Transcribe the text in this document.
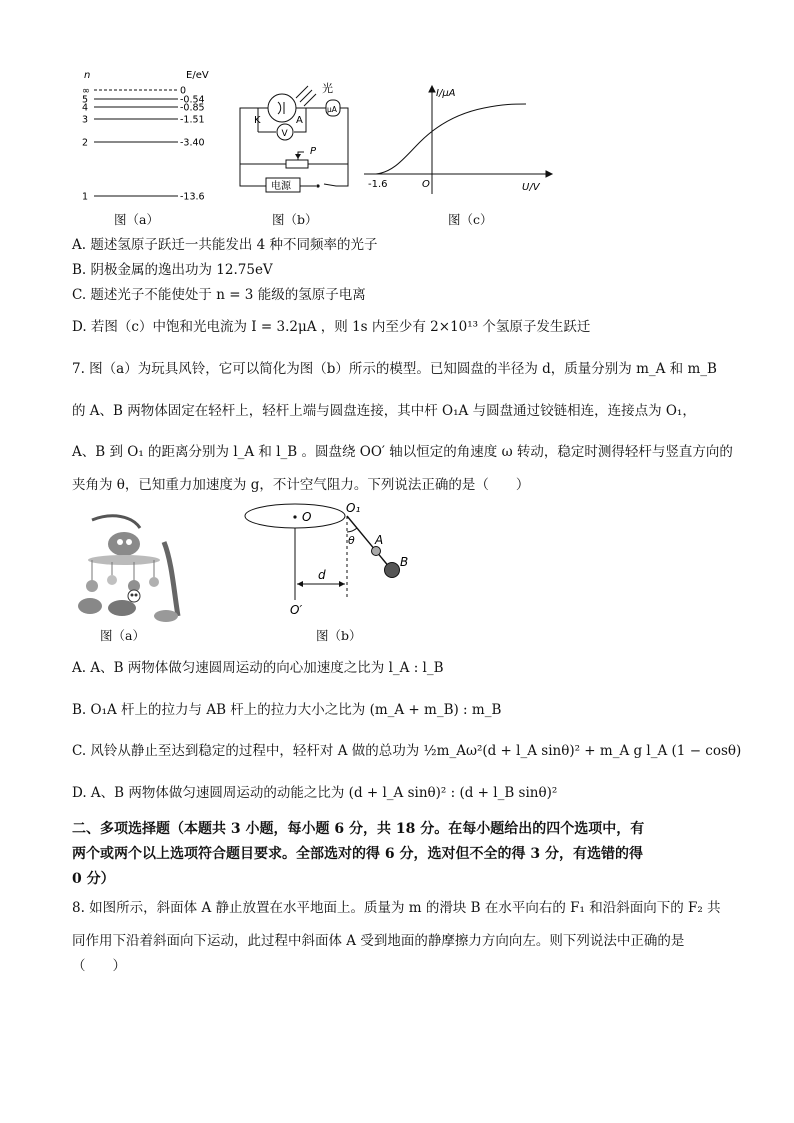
n	E/eV
∞	0
5	-0.54
4	-0.85
3	-1.51
2	-3.40
1	-13.6
图（a）
光
K	A
V
μA
P
电源
图（b）
I/μA
U/V
O
-1.6
图（c）
A. 题述氢原子跃迁一共能发出 4 种不同频率的光子
B. 阴极金属的逸出功为 12.75eV
C. 题述光子不能使处于 n = 3 能级的氢原子电离
D. 若图（c）中饱和光电流为 I = 3.2μA ，则 1s 内至少有 2×10¹³ 个氢原子发生跃迁
7. 图（a）为玩具风铃，它可以简化为图（b）所示的模型。已知圆盘的半径为 d，质量分别为 m_A 和 m_B
的 A、B 两物体固定在轻杆上，轻杆上端与圆盘连接，其中杆 O₁A 与圆盘通过铰链相连，连接点为 O₁，
A、B 到 O₁ 的距离分别为 l_A 和 l_B 。圆盘绕 OO′ 轴以恒定的角速度 ω 转动，稳定时测得轻杆与竖直方向的
夹角为 θ，已知重力加速度为 g，不计空气阻力。下列说法正确的是（　　）
图（a）
O
O′
O₁
θ A
B
d
图（b）
A. A、B 两物体做匀速圆周运动的向心加速度之比为 l_A : l_B
B. O₁A 杆上的拉力与 AB 杆上的拉力大小之比为 (m_A + m_B) : m_B
C. 风铃从静止至达到稳定的过程中，轻杆对 A 做的总功为 ½m_Aω²(d + l_A sinθ)² + m_A g l_A (1 − cosθ)
D. A、B 两物体做匀速圆周运动的动能之比为 (d + l_A sinθ)² : (d + l_B sinθ)²
二、多项选择题（本题共 3 小题，每小题 6 分，共 18 分。在每小题给出的四个选项中，有
两个或两个以上选项符合题目要求。全部选对的得 6 分，选对但不全的得 3 分，有选错的得
0 分）
8. 如图所示，斜面体 A 静止放置在水平地面上。质量为 m 的滑块 B 在水平向右的 F₁ 和沿斜面向下的 F₂ 共
同作用下沿着斜面向下运动，此过程中斜面体 A 受到地面的静摩擦力方向向左。则下列说法中正确的是
（　　）
